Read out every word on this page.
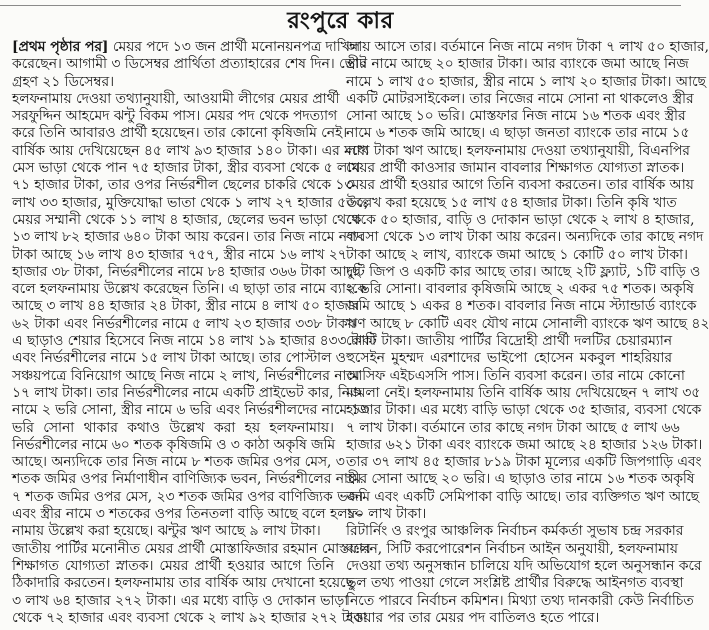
রংপুরে কার
[প্রথম পৃষ্ঠার পর] মেয়র পদে ১৩ জন প্রার্থী মনোনয়নপত্র দাখিল
করেছেন। আগামী ৩ ডিসেম্বর প্রার্থিতা প্রত্যাহারের শেষ দিন। ভোট
গ্রহণ ২১ ডিসেম্বর।
হলফনামায় দেওয়া তথ্যানুযায়ী, আওয়ামী লীগের মেয়র প্রার্থী
সরফুদ্দিন আহমেদ ঝন্টু বিকম পাস। মেয়র পদ থেকে পদত্যাগ
করে তিনি আবারও প্রার্থী হয়েছেন। তার কোনো কৃষিজমি নেই।
বার্ষিক আয় দেখিয়েছেন ৪৫ লাখ ৯৩ হাজার ১৪০ টাকা। এর মধ্যে
মেস ভাড়া থেকে পান ৭৫ হাজার টাকা, স্ত্রীর ব্যবসা থেকে ৫ লাখ
৭১ হাজার টাকা, তার ওপর নির্ভরশীল ছেলের চাকরি থেকে ১৩
লাখ ৩৩ হাজার, মুক্তিযোদ্ধা ভাতা থেকে ১ লাখ ২৭ হাজার ৫০০,
মেয়র সম্মানী থেকে ১১ লাখ ৪ হাজার, ছেলের ভবন ভাড়া থেকে
১৩ লাখ ৮২ হাজার ৬৪০ টাকা আয় করেন। তার নিজ নামে নগদ
টাকা আছে ১৬ লাখ ৪৩ হাজার ৭৫৭, স্ত্রীর নামে ১৬ লাখ ২৭
হাজার ৩৮ টাকা, নির্ভরশীলের নামে ৮৪ হাজার ৩৬৬ টাকা আছে
বলে হলফনামায় উল্লেখ করেছেন তিনি। এ ছাড়া তার নামে ব্যাংকে
আছে ৩ লাখ ৪৪ হাজার ২৪ টাকা, স্ত্রীর নামে ৪ লাখ ৫০ হাজার
৬২ টাকা এবং নির্ভরশীলের নামে ৫ লাখ ২৩ হাজার ৩৩৮ টাকা।
এ ছাড়াও শেয়ার হিসেবে নিজ নামে ১৪ লাখ ১৯ হাজার ৪৩৩ টাকা
এবং নির্ভরশীলের নামে ১৫ লাখ টাকা আছে। তার পোস্টাল ও
সঞ্চয়পত্রে বিনিয়োগ আছে নিজ নামে ২ লাখ, নির্ভরশীলের নামে
১৭ লাখ টাকা। তার নির্ভরশীলের নামে একটি প্রাইভেট কার, নিজ
নামে ২ ভরি সোনা, স্ত্রীর নামে ৬ ভরি এবং নির্ভরশীলদের নামে ১৩
ভরি সোনা থাকার কথাও উল্লেখ করা হয় হলফনামায়।
নির্ভরশীলের নামে ৬০ শতক কৃষিজমি ও ৩ কাঠা অকৃষি জমি
আছে। অন্যদিকে তার নিজ নামে ৮ শতক জমির ওপর মেস, ৩
শতক জমির ওপর নির্মাণাধীন বাণিজ্যিক ভবন, নির্ভরশীলের নামে
৭ শতক জমির ওপর মেস, ২৩ শতক জমির ওপর বাণিজ্যিক ভবন
এবং স্ত্রীর নামে ৩ শতকের ওপর তিনতলা বাড়ি আছে বলে হলফ-
নামায় উল্লেখ করা হয়েছে। ঝন্টুর ঋণ আছে ৯ লাখ টাকা।
জাতীয় পার্টির মনোনীত মেয়র প্রার্থী মোস্তাফিজার রহমান মোস্তফার
শিক্ষাগত যোগ্যতা স্নাতক। মেয়র প্রার্থী হওয়ার আগে তিনি
ঠিকাদারি করতেন। হলফনামায় তার বার্ষিক আয় দেখানো হয়েছে
৩ লাখ ৬৪ হাজার ২৭২ টাকা। এর মধ্যে বাড়ি ও দোকান ভাড়া
থেকে ৭২ হাজার এবং ব্যবসা থেকে ২ লাখ ৯২ হাজার ২৭২ টাকা
আয় আসে তার। বর্তমানে নিজ নামে নগদ টাকা ৭ লাখ ৫০ হাজার,
স্ত্রীর নামে আছে ২০ হাজার টাকা। আর ব্যাংকে জমা আছে নিজ
নামে ১ লাখ ৫০ হাজার, স্ত্রীর নামে ১ লাখ ২০ হাজার টাকা। আছে
একটি মোটরসাইকেল। তার নিজের নামে সোনা না থাকলেও স্ত্রীর
সোনা আছে ১০ ভরি। মোস্তফার নিজ নামে ১৬ শতক এবং স্ত্রীর
নামে ৬ শতক জমি আছে। এ ছাড়া জনতা ব্যাংকে তার নামে ১৫
লাখ টাকা ঋণ আছে। হলফনামায় দেওয়া তথ্যানুযায়ী, বিএনপির
মেয়র প্রার্থী কাওসার জামান বাবলার শিক্ষাগত যোগ্যতা স্নাতক।
মেয়র প্রার্থী হওয়ার আগে তিনি ব্যবসা করতেন। তার বার্ষিক আয়
উল্লেখ করা হয়েছে ১৫ লাখ ৫৪ হাজার টাকা। তিনি কৃষি খাত
থেকে ৫০ হাজার, বাড়ি ও দোকান ভাড়া থেকে ২ লাখ ৪ হাজার,
ব্যবসা থেকে ১৩ লাখ টাকা আয় করেন। অন্যদিকে তার কাছে নগদ
টাকা আছে ২ লাখ, ব্যাংকে জমা আছে ১ কোটি ৫০ লাখ টাকা।
দুটি জিপ ও একটি কার আছে তার। আছে ২টি ফ্ল্যাট, ১টি বাড়ি ও
২ ভরি সোনা। বাবলার কৃষিজমি আছে ২ একর ৭৫ শতক। অকৃষি
জমি আছে ১ একর ৪ শতক। বাবলার নিজ নামে স্ট্যান্ডার্ড ব্যাংকে
ঋণ আছে ৮ কোটি এবং যৌথ নামে সোনালী ব্যাংকে ঋণ আছে ৪২
কোটি টাকা। জাতীয় পার্টির বিদ্রোহী প্রার্থী দলটির চেয়ারম্যান
হুসেইন মুহম্মদ এরশাদের ভাইপো হোসেন মকবুল শাহরিয়ার
আসিফ এইচএসসি পাস। তিনি ব্যবসা করেন। তার নামে কোনো
মামলা নেই। হলফনামায় তিনি বার্ষিক আয় দেখিয়েছেন ৭ লাখ ৩৫
হাজার টাকা। এর মধ্যে বাড়ি ভাড়া থেকে ৩৫ হাজার, ব্যবসা থেকে
৭ লাখ টাকা। বর্তমানে তার কাছে নগদ টাকা আছে ৫ লাখ ৬৬
হাজার ৬২১ টাকা এবং ব্যাংকে জমা আছে ২৪ হাজার ১২৬ টাকা।
তার ৩৭ লাখ ৪৫ হাজার ৮১৯ টাকা মূল্যের একটি জিপগাড়ি এবং
স্ত্রীর সোনা আছে ২০ ভরি। এ ছাড়াও তার নামে ১৬ শতক অকৃষি
জমি এবং একটি সেমিপাকা বাড়ি আছে। তার ব্যক্তিগত ঋণ আছে
১০ লাখ টাকা।
রিটার্নিং ও রংপুর আঞ্চলিক নির্বাচন কর্মকর্তা সুভাষ চন্দ্র সরকার
বলেন, সিটি করপোরেশন নির্বাচন আইন অনুযায়ী, হলফনামায়
দেওয়া তথ্য অনুসন্ধান চালিয়ে যদি অভিযোগ হলে অনুসন্ধান করে
ভুল তথ্য পাওয়া গেলে সংশ্লিষ্ট প্রার্থীর বিরুদ্ধে আইনগত ব্যবস্থা
নিতে পারবে নির্বাচন কমিশন। মিথ্যা তথ্য দানকারী কেউ নির্বাচিত
হওয়ার পর তার মেয়র পদ বাতিলও হতে পারে।
